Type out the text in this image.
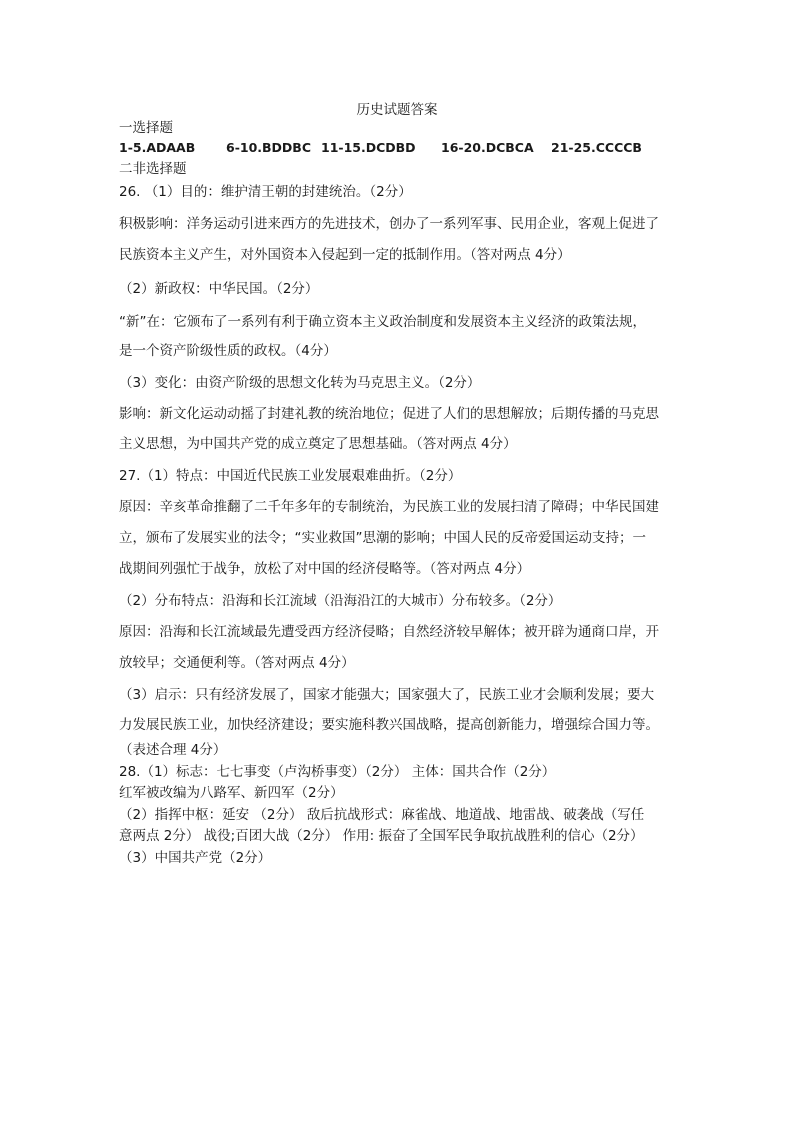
历史试题答案
一选择题
1-5.ADAAB 6-10.BDDBC 11-15.DCDBD 16-20.DCBCA 21-25.CCCCB
二非选择题
26. （1）目的：维护清王朝的封建统治。（2分）
积极影响：洋务运动引进来西方的先进技术，创办了一系列军事、民用企业，客观上促进了
民族资本主义产生，对外国资本入侵起到一定的抵制作用。（答对两点 4分）
（2）新政权：中华民国。（2分）
“新”在：它颁布了一系列有利于确立资本主义政治制度和发展资本主义经济的政策法规，
是一个资产阶级性质的政权。（4分）
（3）变化：由资产阶级的思想文化转为马克思主义。（2分）
影响：新文化运动动摇了封建礼教的统治地位；促进了人们的思想解放；后期传播的马克思
主义思想，为中国共产党的成立奠定了思想基础。（答对两点 4分）
27.（1）特点：中国近代民族工业发展艰难曲折。（2分）
原因：辛亥革命推翻了二千年多年的专制统治，为民族工业的发展扫清了障碍；中华民国建
立，颁布了发展实业的法令；“实业救国”思潮的影响；中国人民的反帝爱国运动支持；一
战期间列强忙于战争，放松了对中国的经济侵略等。（答对两点 4分）
（2）分布特点：沿海和长江流域（沿海沿江的大城市）分布较多。（2分）
原因：沿海和长江流域最先遭受西方经济侵略；自然经济较早解体；被开辟为通商口岸，开
放较早；交通便利等。（答对两点 4分）
（3）启示：只有经济发展了，国家才能强大；国家强大了，民族工业才会顺利发展；要大
力发展民族工业，加快经济建设；要实施科教兴国战略，提高创新能力，增强综合国力等。
（表述合理 4分）
28.（1）标志：七七事变（卢沟桥事变）（2分） 主体：国共合作（2分）
红军被改编为八路军、新四军（2分）
（2）指挥中枢：延安 （2分） 敌后抗战形式：麻雀战、地道战、地雷战、破袭战（写任
意两点 2分） 战役;百团大战（2分） 作用: 振奋了全国军民争取抗战胜利的信心（2分）
（3）中国共产党（2分）
